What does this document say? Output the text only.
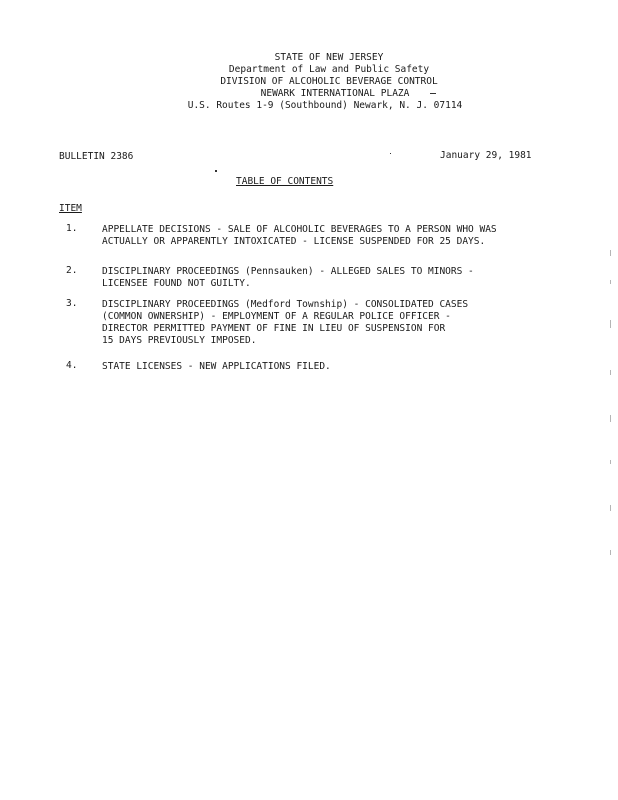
STATE OF NEW JERSEY
Department of Law and Public Safety
DIVISION OF ALCOHOLIC BEVERAGE CONTROL
NEWARK INTERNATIONAL PLAZA
U.S. Routes 1-9 (Southbound) Newark, N. J. 07114
BULLETIN 2386	January 29, 1981
TABLE OF CONTENTS
ITEM
1.	APPELLATE DECISIONS - SALE OF ALCOHOLIC BEVERAGES TO A PERSON WHO WAS
ACTUALLY OR APPARENTLY INTOXICATED - LICENSE SUSPENDED FOR 25 DAYS.
2.	DISCIPLINARY PROCEEDINGS (Pennsauken) - ALLEGED SALES TO MINORS -
LICENSEE FOUND NOT GUILTY.
3.	DISCIPLINARY PROCEEDINGS (Medford Township) - CONSOLIDATED CASES
(COMMON OWNERSHIP) - EMPLOYMENT OF A REGULAR POLICE OFFICER -
DIRECTOR PERMITTED PAYMENT OF FINE IN LIEU OF SUSPENSION FOR
15 DAYS PREVIOUSLY IMPOSED.
4.	STATE LICENSES - NEW APPLICATIONS FILED.
